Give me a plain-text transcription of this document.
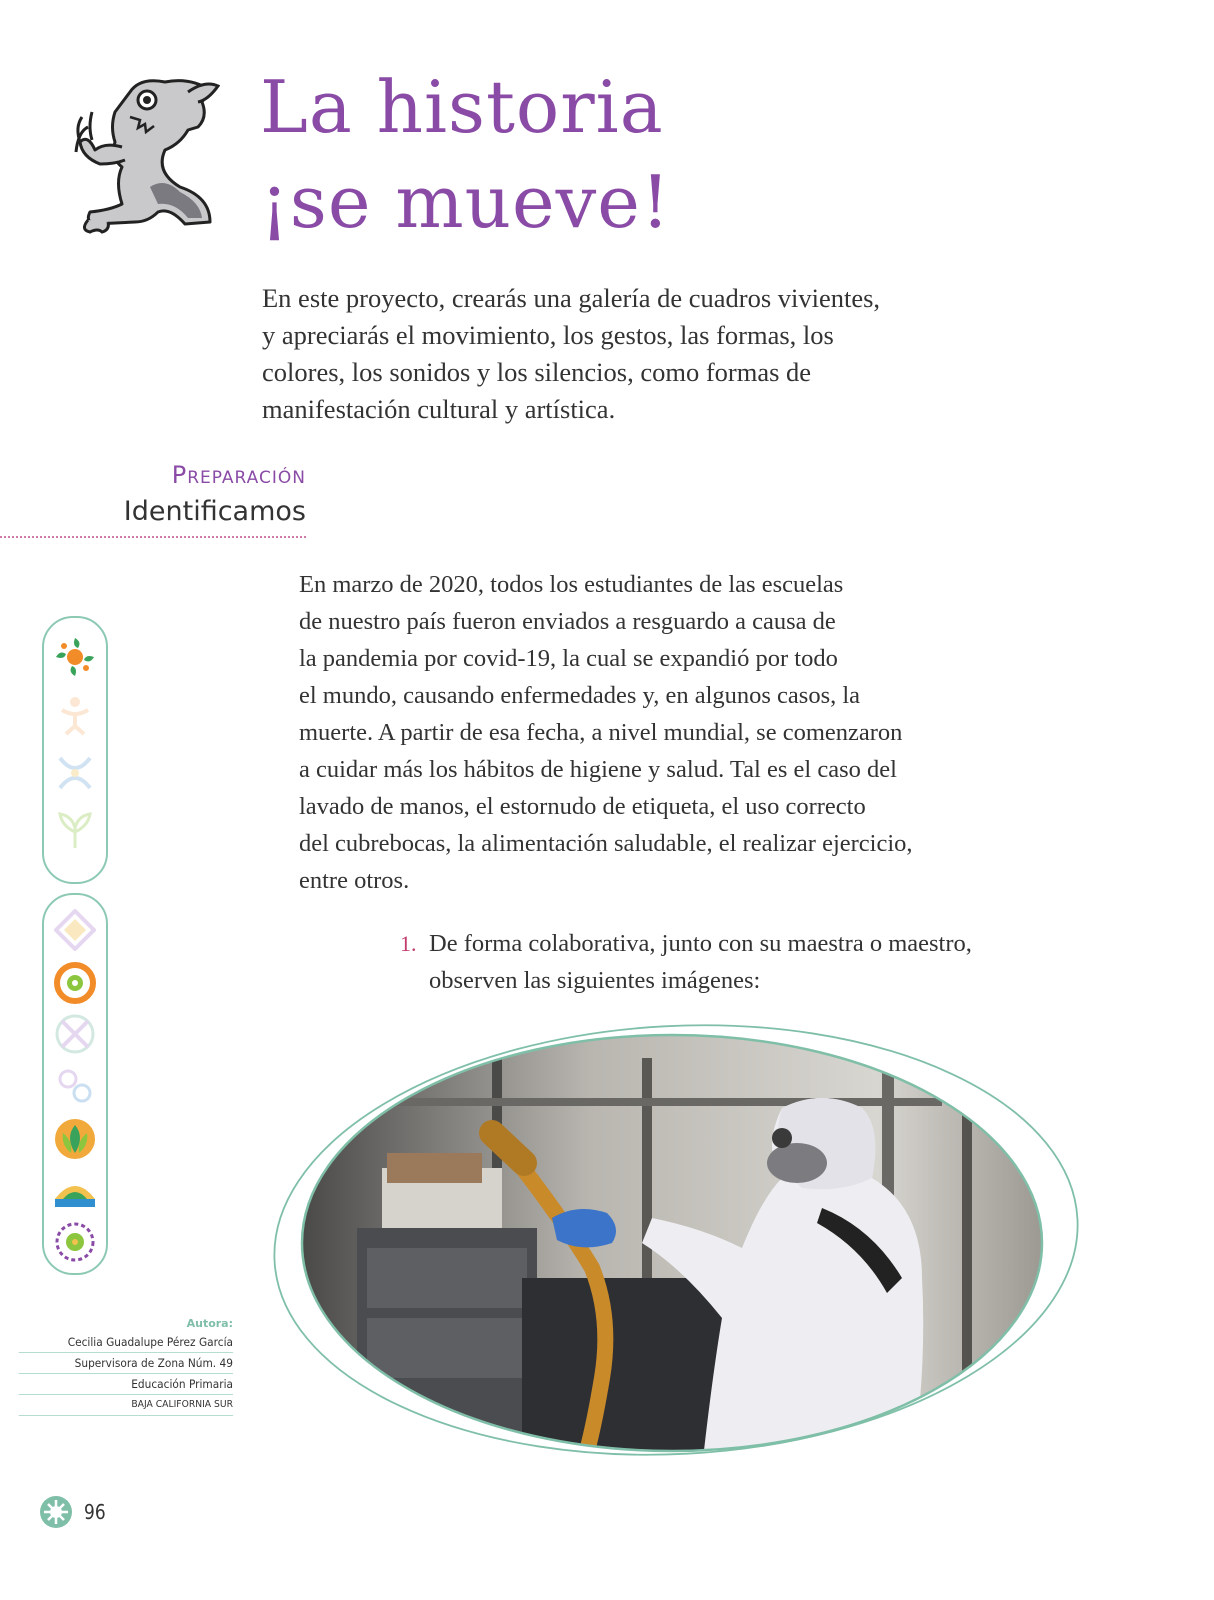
La historia
¡se mueve!
En este proyecto, crearás una galería de cuadros vivientes,
y apreciarás el movimiento, los gestos, las formas, los
colores, los sonidos y los silencios, como formas de
manifestación cultural y artística.
Preparación
Identificamos
En marzo de 2020, todos los estudiantes de las escuelas
de nuestro país fueron enviados a resguardo a causa de
la pandemia por covid-19, la cual se expandió por todo
el mundo, causando enfermedades y, en algunos casos, la
muerte. A partir de esa fecha, a nivel mundial, se comenzaron
a cuidar más los hábitos de higiene y salud. Tal es el caso del
lavado de manos, el estornudo de etiqueta, el uso correcto
del cubrebocas, la alimentación saludable, el realizar ejercicio,
entre otros.
1. De forma colaborativa, junto con su maestra o maestro,
observen las siguientes imágenes:
Autora:
Cecilia Guadalupe Pérez García
Supervisora de Zona Núm. 49
Educación Primaria
BAJA CALIFORNIA SUR
96
